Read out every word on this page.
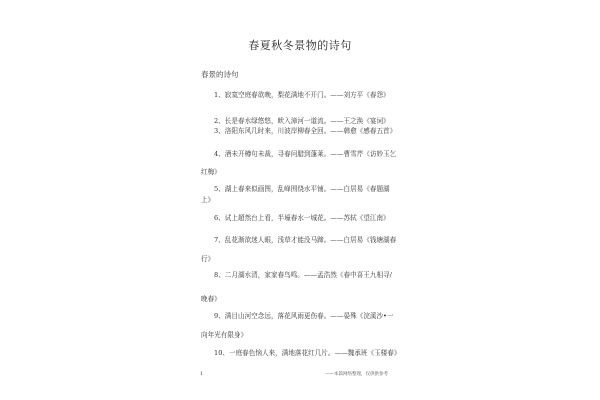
春夏秋冬景物的诗句
春景的诗句
1、寂寞空庭春欲晚，梨花满地不开门。——刘方平《春怨》
2、长是春水绿悠悠，畎入漳河一道流。——王之涣《宴词》
3、洛阳东风几时来，川波岸柳春全回。——韩愈《感春五首》
4、酒未开樽句未裁，寻春问腊到蓬莱。——曹雪芹《访妙玉乞
红梅》
5、湖上春来似画图，乱峰围绕水平铺。——白居易《春题湖
上》
6、试上超然台上看，半壕春水一城花。——苏轼《望江南》
7、乱花渐欲迷人眼，浅草才能没马蹄。——白居易《钱塘湖春
行》
8、二月湖水清，家家春鸟鸣。——孟浩然《春中喜王九相寻/
晚春》
9、满目山河空念远，落花风雨更伤春。——晏殊《浣溪沙•一
向年光有限身》
10、一庭春色恼人来，满地落花红几片。——魏承班《玉楼春》
1	——本篇网络整理，仅供供参考
